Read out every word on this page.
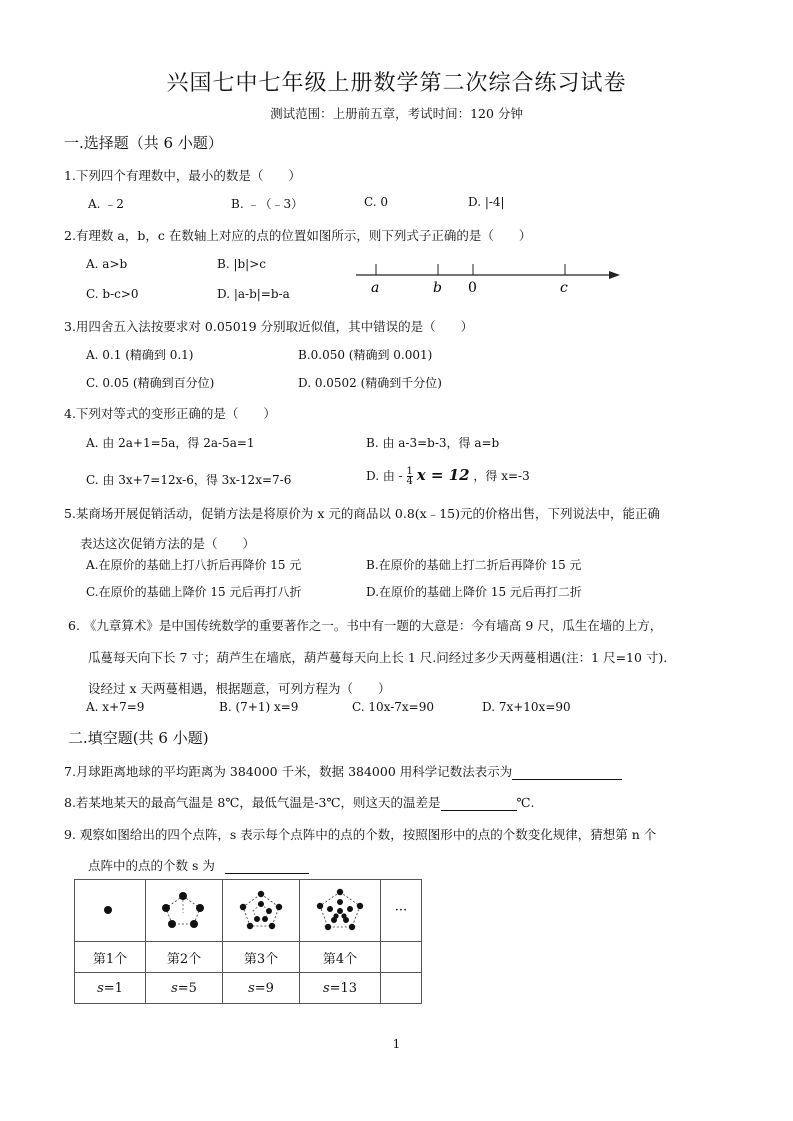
兴国七中七年级上册数学第二次综合练习试卷
测试范围：上册前五章，考试时间：120 分钟
一.选择题（共 6 小题）
1.下列四个有理数中，最小的数是（　　）
A. ﹣2	B. ﹣（﹣3）	C. 0	D. |-4|
2.有理数 a，b，c 在数轴上对应的点的位置如图所示，则下列式子正确的是（　　）
A. a>b	B. |b|>c
C. b-c>0	D. |a-b|=b-a	a	b 0	c
3.用四舍五入法按要求对 0.05019 分别取近似值，其中错误的是（　　）
A. 0.1 (精确到 0.1)	B.0.050 (精确到 0.001)
C. 0.05 (精确到百分位)	D. 0.0502 (精确到千分位)
4.下列对等式的变形正确的是（　　）
A. 由 2a+1=5a，得 2a-5a=1	B. 由 a-3=b-3，得 a=b
C. 由 3x+7=12x-6，得 3x-12x=7-6	D. 由 - $\frac{1}{4}$ x = 12 ，得 x=-3
5.某商场开展促销活动，促销方法是将原价为 x 元的商品以 0.8(x﹣15)元的价格出售，下列说法中，能正确
表达这次促销方法的是（　　）
A.在原价的基础上打八折后再降价 15 元	B.在原价的基础上打二折后再降价 15 元
C.在原价的基础上降价 15 元后再打八折	D.在原价的基础上降价 15 元后再打二折
6. 《九章算术》是中国传统数学的重要著作之一。书中有一题的大意是：今有墙高 9 尺，瓜生在墙的上方，
瓜蔓每天向下长 7 寸；葫芦生在墙底，葫芦蔓每天向上长 1 尺.问经过多少天两蔓相遇(注：1 尺=10 寸).
设经过 x 天两蔓相遇，根据题意，可列方程为（　　）
A. x+7=9	B. (7+1) x=9	C. 10x-7x=90	D. 7x+10x=90
二.填空题(共 6 小题)
7.月球距离地球的平均距离为 384000 千米，数据 384000 用科学记数法表示为
8.若某地某天的最高气温是 8℃，最低气温是-3℃，则这天的温差是	℃.
9. 观察如图给出的四个点阵，s 表示每个点阵中的点的个数，按照图形中的点的个数变化规律，猜想第 n 个
点阵中的点的个数 s 为
				···
第1个	第2个	第3个	第4个	
s=1	s=5	s=9	s=13	
1
